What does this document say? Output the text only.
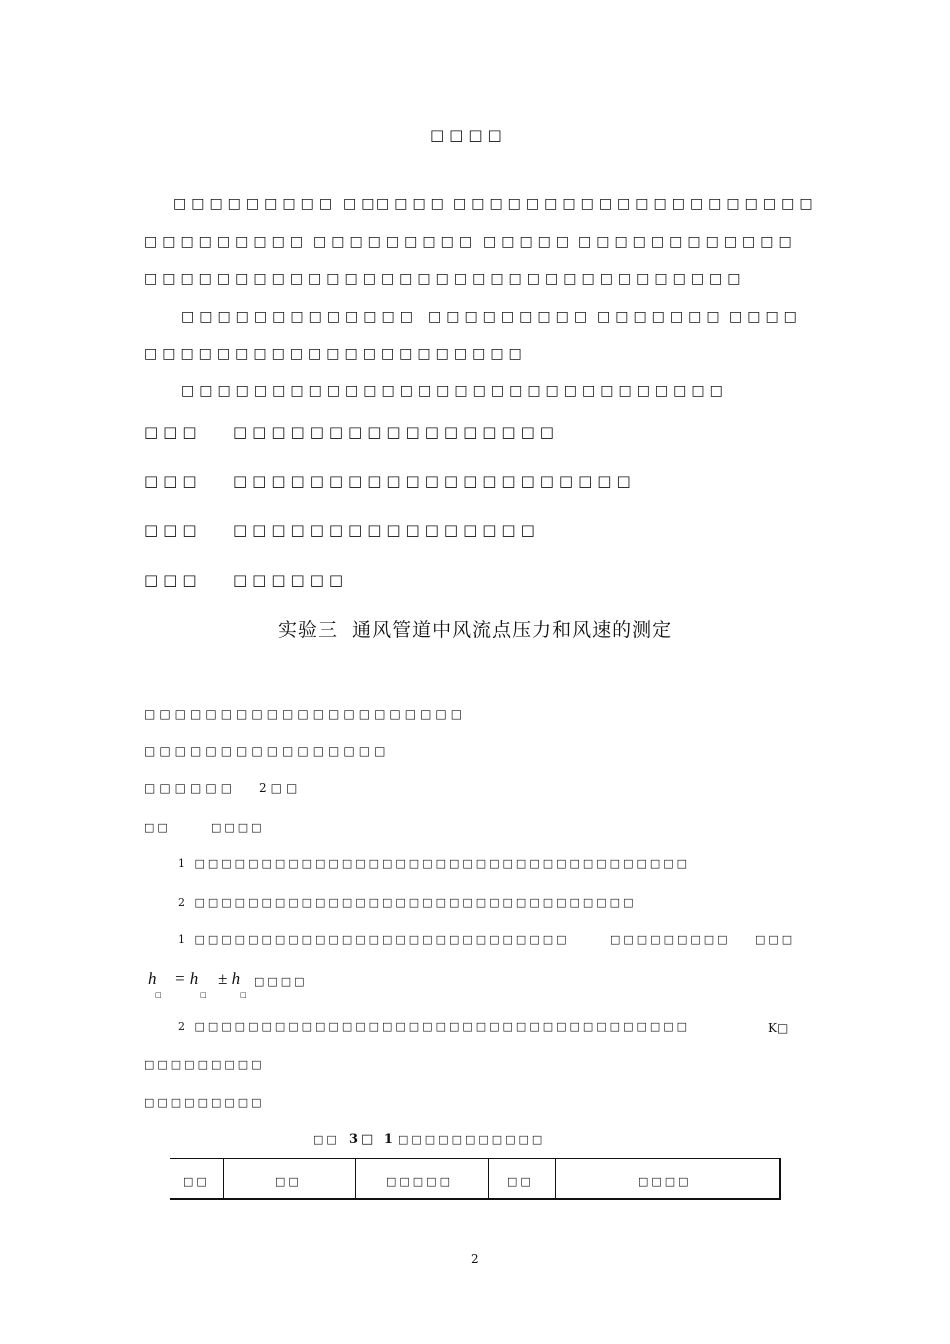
□□□□
□□□□□□□□□ □□
□□□□ □□□□□□□□□□□□□□□□□□□□
□□□□□□□□□ □□□□□□□□□ □□□□□ □□□□□□□□□□□□
□□□□□□□□□□□□□□□□□□□□□□□□□□□□□□□□□
□□□□□□□□□□□□□ □□□□□□□□□ □□□□□□□ □□□□
□□□□□□□□□□□□□□□□□□□□□
□□□□□□□□□□□□□□□□□□□□□□□□□□□□□□
□□□ □□□□□□□□□□□□□□□□□
□□□ □□□□□□□□□□□□□□□□□□□□□
□□□ □□□□□□□□□□□□□□□□
□□□ □□□□□□
实验三  通风管道中风流点压力和风速的测定
□□□□□□□□□□□□□□□□□□□□□
□□□□□□□□□□□□□□□□
□□□□□□ 2□□
□□	□□□□
1 □□□□□□□□□□□□□□□□□□□□□□□□□□□□□□□□□□□□□
2 □□□□□□□□□□□□□□□□□□□□□□□□□□□□□□□□□
1 □□□□□□□□□□□□□□□□□□□□□□□□□□□□	□□□□□□□□□ □□□
h = h ± h
□	□	□
□□□□
2 □□□□□□□□□□□□□□□□□□□□□□□□□□□□□□□□□□□□□	K□
□□□□□□□□□
□□□□□□□□□
□□ 3□ 1 □□□□□□□□□□□
□□	□□	□□□□□	□□	□□□□
2
